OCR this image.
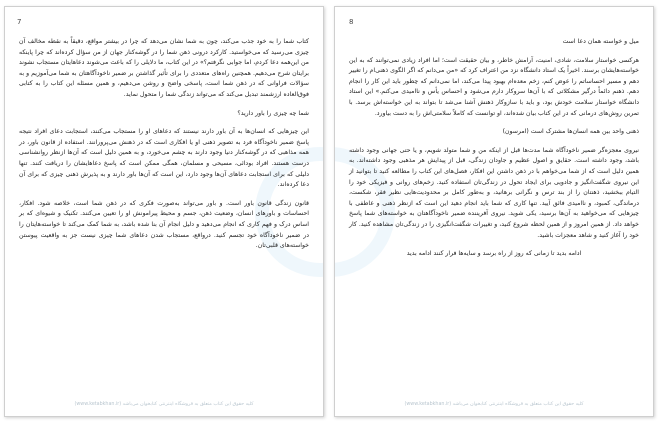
7

کتاب شما را به خود جذب می‌کند، چون به شما نشان می‌دهد که چرا در بیشتر مواقع، دقیقاً به نقطه مخالف آن چیزی می‌رسید که می‌خواستید. کارکرد درونی ذهن شما را در گوشه‌کنار جهان از من سؤال کرده‌اند که چرا پاینکه من این‌همه دعا کردم، اما جوابی نگرفتم؟» در این کتاب، ما دلایلی را که باعث می‌شوند دعاهایتان مستجاب نشوند برایتان شرح می‌دهیم. همچنین راه‌های متعددی را برای تأثیر گذاشتن بر ضمیر ناخودآگاهتان به شما می‌آموزیم و به سؤالات فراوانی که در ذهن شما است، پاسخی واضح و روشن می‌دهیم، و همین مسئله این کتاب را به کتابی فوق‌العاده ارزشمند تبدیل می‌کند که می‌تواند زندگی شما را متحول نماید.

شما چه چیزی را باور دارید؟

این چیزهایی که انسان‌ها به آن باور دارند نیستند که دعاهای او را مستجاب می‌کنند، استجابت دعای افراد نتیجه پاسخ ضمیر ناخودآگاه فرد به تصویر ذهنی او یا افکاری است که در ذهنش می‌پرورانند. استفاده از قانون باور، در همه مذاهبی که در گوشه‌کنار دنیا وجود دارند به چشم می‌خورد، و به همین دلیل است که آن‌ها ازنظر روانشناسی درست هستند. افراد بودائی، مسیحی و مسلمان، همگی ممکن است که پاسخ دعاهایشان را دریافت کنند. تنها دلیلی که برای استجابت دعاهای آن‌ها وجود دارد، این است که آن‌ها باور دارند و به پذیرش ذهنی چیزی که برای آن دعا کرده‌اند.

قانون زندگی قانون باور است. و باور می‌تواند به‌صورت فکری که در ذهن شما است، خلاصه شود. افکار، احساسات و باورهای انسان، وضعیت ذهن، جسم و محیط پیرامونش او را تعیین می‌کنند. تکنیک و شیوه‌ای که بر اساس درک و فهم کاری که انجام می‌دهید و دلیل انجام آن بنا شده باشد، به شما کمک می‌کند تا خواسته‌هایتان را در ضمیر ناخودآگاه خود تجسم کنید. درواقع، مستجاب شدن دعاهای شما چیزی نیست جز به واقعیت پیوستن خواسته‌های قلبی‌تان.

کلیه حقوق این کتاب متعلق به فروشگاه اینترنتی کتابخوان می‌باشد (www.ketabkhan.ir)
8

میل و خواسته همان دعا است

هرکسی خواستار سلامت، شادی، امنیت، آرامش خاطر، و بیان حقیقت است؛ اما افراد زیادی نمی‌توانند که به این خواسته‌هایشان برسند. اخیراً یک استاد دانشگاه نزد من اعتراف کرد که «من می‌دانم که اگر الگوی ذهنی‌ام را تغییر دهم و مسیر احساساتم را عوض کنم، زخم معده‌ام بهبود پیدا می‌کند، اما نمی‌دانم که چطور باید این کار را انجام دهم. ذهنم دائماً درگیر مشکلاتی که با آن‌ها سروکار دارم می‌شود و احساس یأس و ناامیدی می‌کنم.» این استاد دانشگاه خواستار سلامت خودش بود، و باید با سازوکار ذهنش آشنا می‌شد تا بتواند به این خواسته‌اش برسد. با تمرین روش‌های درمانی که در این کتاب بیان شده‌اند، او توانست که کاملاً سلامتی‌اش را به دست بیاورد.

ذهنی واحد بین همه انسان‌ها مشترک است (امرسون)

نیروی معجزه‌گر ضمیر ناخودآگاه شما مدت‌ها قبل از اینکه من و شما متولد شویم، و یا حتی جهانی وجود داشته باشد، وجود داشته است. حقایق و اصول عظیم و جاودان زندگی، قبل از پیدایش هر مذهبی وجود داشته‌اند. به همین دلیل است که از شما می‌خواهم با در ذهن داشتن این افکار، فصل‌های این کتاب را مطالعه کنید تا بتوانید از این نیروی شگفت‌انگیز و جادویی برای ایجاد تحول در زندگی‌تان استفاده کنید. زخم‌های روانی و فیزیکی خود را التیام ببخشید، ذهنتان را از بند ترس و نگرانی برهانید، و به‌طور کامل بر محدودیت‌هایی نظیر فقر، شکست، درماندگی، کمبود، و ناامیدی فائق آیید. تنها کاری که شما باید انجام دهید این است که ازنظر ذهنی و عاطفی با چیزهایی که می‌خواهید به آن‌ها برسید، یکی شوید. نیروی آفریننده ضمیر ناخودآگاهتان به خواسته‌های شما پاسخ خواهد داد. از همین امروز و از همین لحظه شروع کنید، و تغییرات شگفت‌انگیزی را در زندگی‌تان مشاهده کنید. کار خود را آغاز کنید و شاهد معجزات باشید.

ادامه بدید تا زمانی که روز از راه برسد و سایه‌ها فرار کنند ادامه بدید

کلیه حقوق این کتاب متعلق به فروشگاه اینترنتی کتابخوان می‌باشد (www.ketabkhan.ir)
